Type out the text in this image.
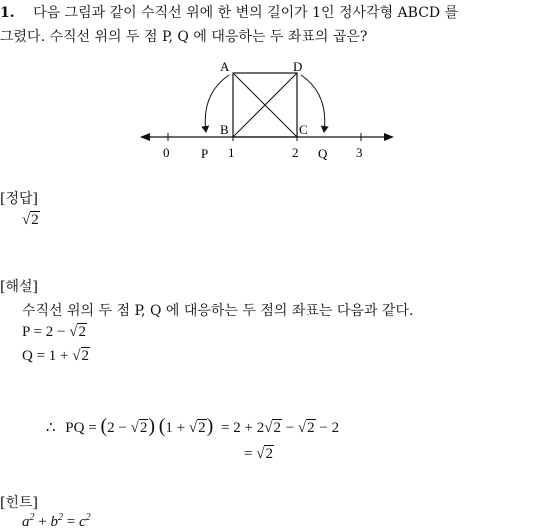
1. 다음 그림과 같이 수직선 위에 한 변의 길이가 1인 정사각형 ABCD 를
그렸다. 수직선 위의 두 점 P, Q 에 대응하는 두 좌표의 곱은?
A	D
B	C
0 P 1	2 Q 3
[정답]
√2
[해설]
수직선 위의 두 점 P, Q 에 대응하는 두 점의 좌표는 다음과 같다.
P = 2 − √2
Q = 1 + √2
∴ PQ = (2 − √2) (1 + √2) = 2 + 2√2 − √2 − 2
= √2
[힌트]
$a^2 + b^2 = c^2$
